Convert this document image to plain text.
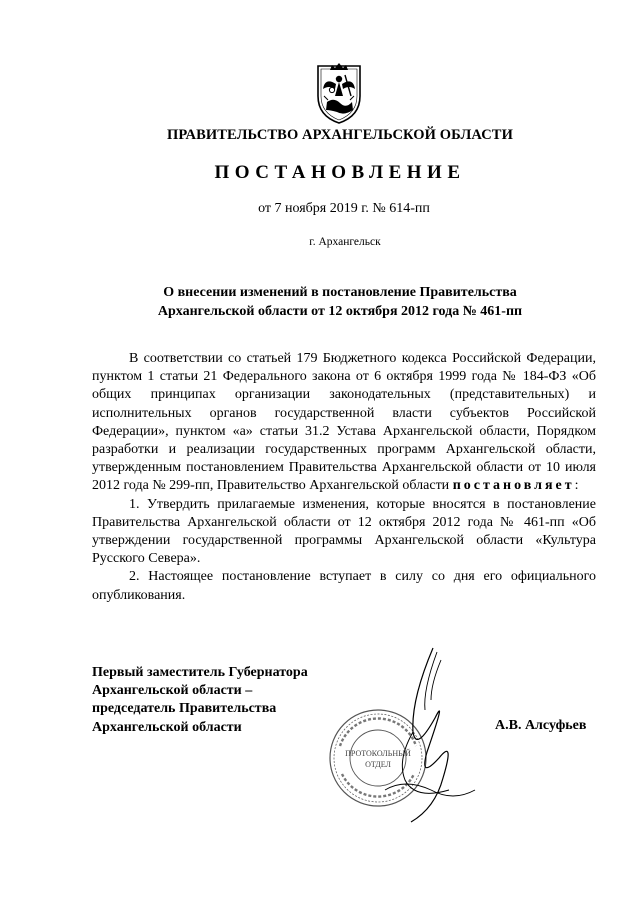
ПРАВИТЕЛЬСТВО АРХАНГЕЛЬСКОЙ ОБЛАСТИ
ПОСТАНОВЛЕНИЕ
от 7 ноября 2019 г. № 614-пп
г. Архангельск
О внесении изменений в постановление Правительства
Архангельской области от 12 октября 2012 года № 461-пп

В соответствии со статьей 179 Бюджетного кодекса Российской Федерации, пунктом 1 статьи 21 Федерального закона от 6 октября 1999 года № 184-ФЗ «Об общих принципах организации законодательных (представительных) и исполнительных органов государственной власти субъектов Российской Федерации», пунктом «а» статьи 31.2 Устава Архангельской области, Порядком разработки и реализации государственных программ Архангельской области, утвержденным постановлением Правительства Архангельской области от 10 июля 2012 года № 299-пп, Правительство Архангельской области постановляет:

1. Утвердить прилагаемые изменения, которые вносятся в постановление Правительства Архангельской области от 12 октября 2012 года № 461-пп «Об утверждении государственной программы Архангельской области «Культура Русского Севера».

2. Настоящее постановление вступает в силу со дня его официального опубликования.

Первый заместитель Губернатора
Архангельской области –
председатель Правительства
Архангельской области	А.В. Алсуфьев
ПРОТОКОЛЬНЫЙ
ОТДЕЛ
